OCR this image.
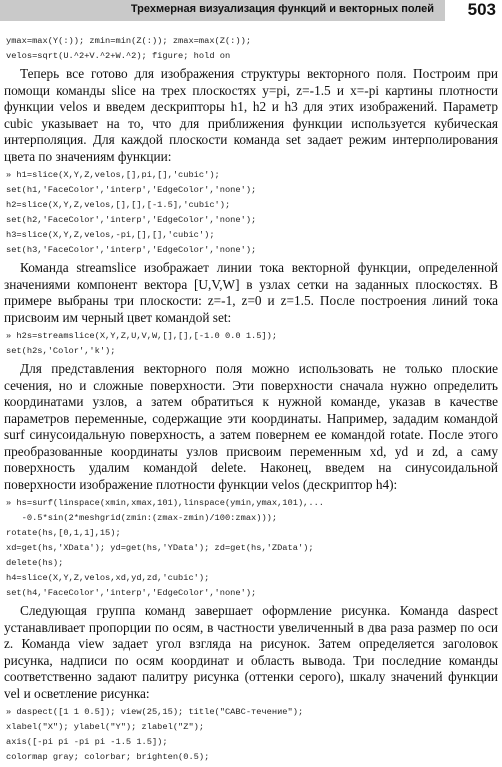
Трехмерная визуализация функций и векторных полей 503
ymax=max(Y(:)); zmin=min(Z(:)); zmax=max(Z(:));
velos=sqrt(U.^2+V.^2+W.^2); figure; hold on

Теперь все готово для изображения структуры векторного поля. Построим при помощи команды slice на трех плоскостях y=pi, z=-1.5 и x=-pi картины плотности функции velos и введем дескрипторы h1, h2 и h3 для этих изображений. Параметр cubic указывает на то, что для приближения функции используется кубическая интерполяция. Для каждой плоскости команда set задает режим интерполирования цвета по значениям функции:

» h1=slice(X,Y,Z,velos,[],pi,[],'cubic');
set(h1,'FaceColor','interp','EdgeColor','none');
h2=slice(X,Y,Z,velos,[],[],[-1.5],'cubic');
set(h2,'FaceColor','interp','EdgeColor','none');
h3=slice(X,Y,Z,velos,-pi,[],[],'cubic');
set(h3,'FaceColor','interp','EdgeColor','none');

Команда streamslice изображает линии тока векторной функции, определенной значениями компонент вектора [U,V,W] в узлах сетки на заданных плоскостях. В примере выбраны три плоскости: z=-1, z=0 и z=1.5. После построения линий тока присвоим им черный цвет командой set:

» h2s=streamslice(X,Y,Z,U,V,W,[],[],[-1.0 0.0 1.5]);
set(h2s,'Color','k');

Для представления векторного поля можно использовать не только плоские сечения, но и сложные поверхности. Эти поверхности сначала нужно определить координатами узлов, а затем обратиться к нужной команде, указав в качестве параметров переменные, содержащие эти координаты. Например, зададим командой surf синусоидальную поверхность, а затем повернем ее командой rotate. После этого преобразованные координаты узлов присвоим переменным xd, yd и zd, а саму поверхность удалим командой delete. Наконец, введем на синусоидальной поверхности изображение плотности функции velos (дескриптор h4):

» hs=surf(linspace(xmin,xmax,101),linspace(ymin,ymax,101),...
-0.5*sin(2*meshgrid(zmin:(zmax-zmin)/100:zmax)));
rotate(hs,[0,1,1],15);
xd=get(hs,'XData'); yd=get(hs,'YData'); zd=get(hs,'ZData');
delete(hs);
h4=slice(X,Y,Z,velos,xd,yd,zd,'cubic');
set(h4,'FaceColor','interp','EdgeColor','none');

Следующая группа команд завершает оформление рисунка. Команда daspect устанавливает пропорции по осям, в частности увеличенный в два раза размер по оси z. Команда view задает угол взгляда на рисунок. Затем определяется заголовок рисунка, надписи по осям координат и область вывода. Три последние команды соответственно задают палитру рисунка (оттенки серого), шкалу значений функции vel и осветление рисунка:

» daspect([1 1 0.5]); view(25,15); title("САВС-течение");
xlabel("X"); ylabel("Y"); zlabel("Z");
axis([-pi pi -pi pi -1.5 1.5]);
colormap gray; colorbar; brighten(0.5);
